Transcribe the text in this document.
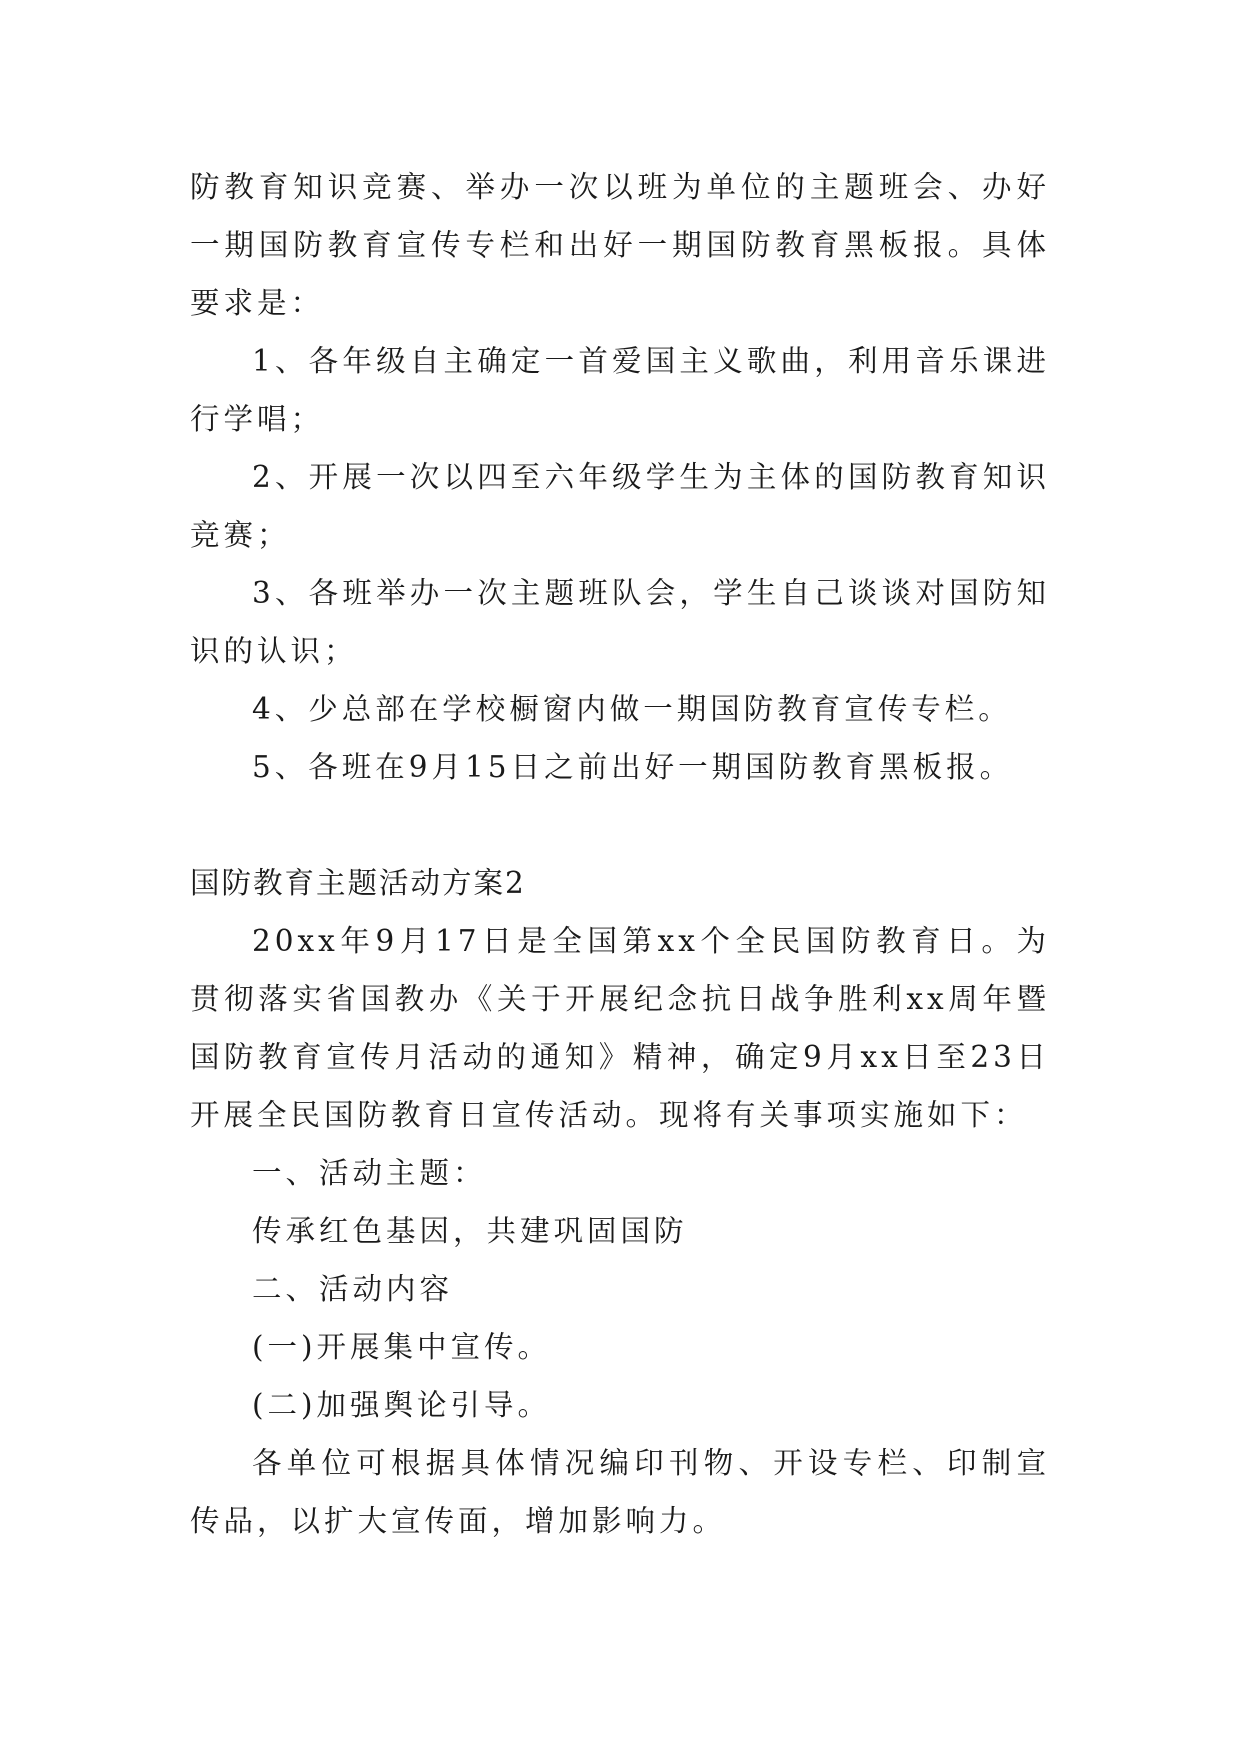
防教育知识竞赛、举办一次以班为单位的主题班会、办好一期国防教育宣传专栏和出好一期国防教育黑板报。具体要求是：

1、各年级自主确定一首爱国主义歌曲，利用音乐课进行学唱；

2、开展一次以四至六年级学生为主体的国防教育知识竞赛；

3、各班举办一次主题班队会，学生自己谈谈对国防知识的认识；

4、少总部在学校橱窗内做一期国防教育宣传专栏。

5、各班在9月15日之前出好一期国防教育黑板报。

国防教育主题活动方案2

20xx年9月17日是全国第xx个全民国防教育日。为贯彻落实省国教办《关于开展纪念抗日战争胜利xx周年暨国防教育宣传月活动的通知》精神，确定9月xx日至23日开展全民国防教育日宣传活动。现将有关事项实施如下：

一、活动主题：

传承红色基因，共建巩固国防

二、活动内容

(一)开展集中宣传。

(二)加强舆论引导。

各单位可根据具体情况编印刊物、开设专栏、印制宣传品，以扩大宣传面，增加影响力。
